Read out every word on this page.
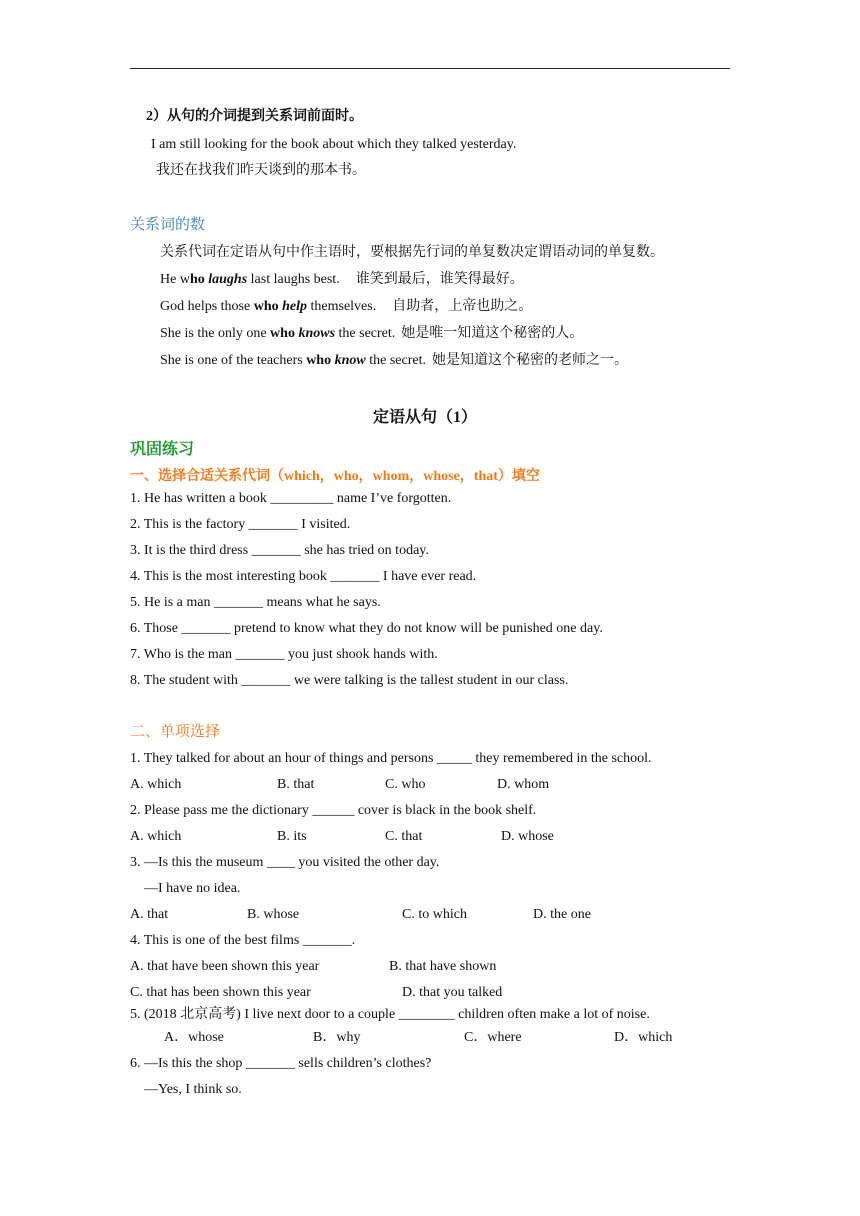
2）从句的介词提到关系词前面时。
I am still looking for the book about which they talked yesterday.
我还在找我们昨天谈到的那本书。
关系词的数
关系代词在定语从句中作主语时，要根据先行词的单复数决定谓语动词的单复数。
He who laughs last laughs best. 谁笑到最后，谁笑得最好。
God helps those who help themselves. 自助者，上帝也助之。
She is the only one who knows the secret. 她是唯一知道这个秘密的人。
She is one of the teachers who know the secret. 她是知道这个秘密的老师之一。
定语从句（1）
巩固练习
一、选择合适关系代词（which，who，whom，whose，that）填空
1. He has written a book _________ name I’ve forgotten.
2. This is the factory _______ I visited.
3. It is the third dress _______ she has tried on today.
4. This is the most interesting book _______ I have ever read.
5. He is a man _______ means what he says.
6. Those _______ pretend to know what they do not know will be punished one day.
7. Who is the man _______ you just shook hands with.
8. The student with _______ we were talking is the tallest student in our class.
二、单项选择
1. They talked for about an hour of things and persons _____ they remembered in the school.
A. which	B. that	C. who	D. whom
2. Please pass me the dictionary ______ cover is black in the book shelf.
A. which	B. its	C. that	D. whose
3. —Is this the museum ____ you visited the other day.
—I have no idea.
A. that	B. whose	C. to which	D. the one
4. This is one of the best films _______.
A. that have been shown this year	B. that have shown
C. that has been shown this year	D. that you talked
5. (2018 北京高考) I live next door to a couple ________ children often make a lot of noise.
A．whose	B．why	C．where	D．which
6. —Is this the shop _______ sells children’s clothes?
—Yes, I think so.
